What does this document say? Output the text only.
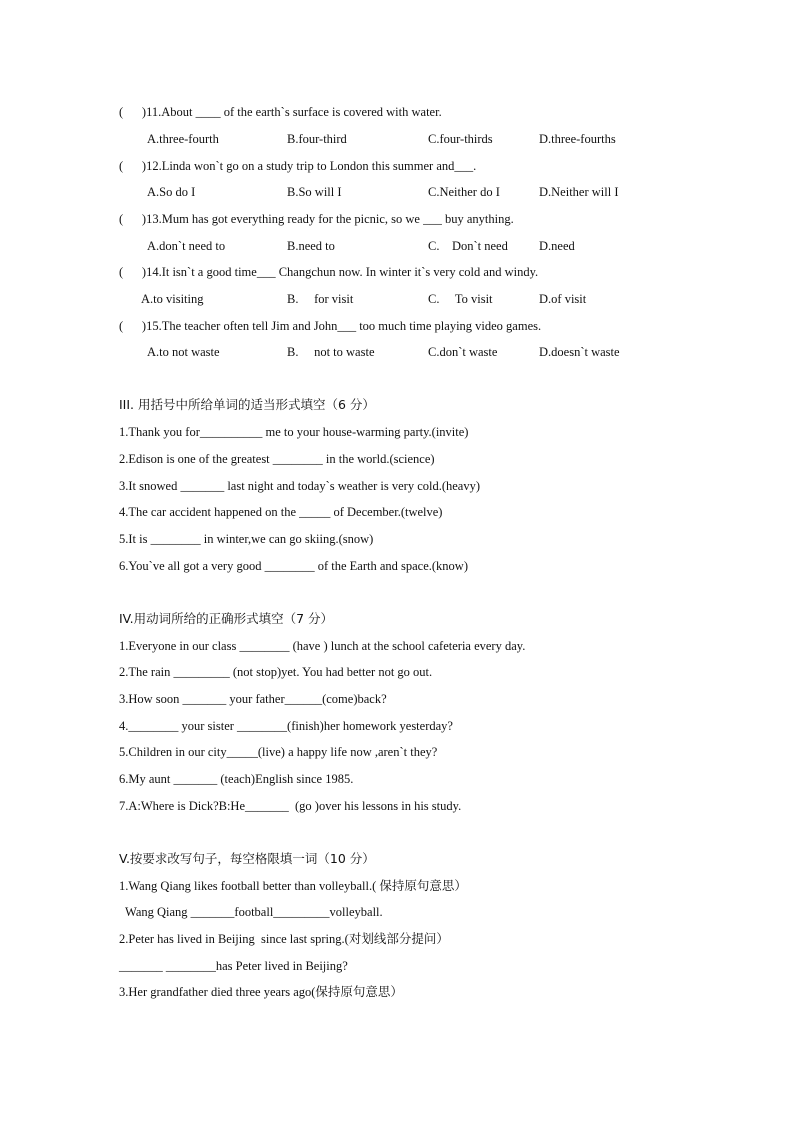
(      )11.About ____ of the earth`s surface is covered with water.
A.three-fourth	B.four-third	C.four-thirds	D.three-fourths
(      )12.Linda won`t go on a study trip to London this summer and___.
A.So do I	B.So will I	C.Neither do I	D.Neither will I
(      )13.Mum has got everything ready for the picnic, so we ___ buy anything.
A.don`t need to	B.need to	C.    Don`t need D.need
(      )14.It isn`t a good time___ Changchun now. In winter it`s very cold and windy.
A.to visiting	B.     for visit	C.     To visit	D.of visit
(      )15.The teacher often tell Jim and John___ too much time playing video games.
A.to not waste	B.     not to waste	C.don`t waste	D.doesn`t waste
III. 用括号中所给单词的适当形式填空（6 分）
1.Thank you for__________ me to your house-warming party.(invite)
2.Edison is one of the greatest ________ in the world.(science)
3.It snowed _______ last night and today`s weather is very cold.(heavy)
4.The car accident happened on the _____ of December.(twelve)
5.It is ________ in winter,we can go skiing.(snow)
6.You`ve all got a very good ________ of the Earth and space.(know)
IV.用动词所给的正确形式填空（7 分）
1.Everyone in our class ________ (have ) lunch at the school cafeteria every day.
2.The rain _________ (not stop)yet. You had better not go out.
3.How soon _______ your father______(come)back?
4.________ your sister ________(finish)her homework yesterday?
5.Children in our city_____(live) a happy life now ,aren`t they?
6.My aunt _______ (teach)English since 1985.
7.A:Where is Dick?B:He_______  (go )over his lessons in his study.
V.按要求改写句子，每空格限填一词（10 分）
1.Wang Qiang likes football better than volleyball.( 保持原句意思）
Wang Qiang _______football_________volleyball.
2.Peter has lived in Beijing  since last spring.(对划线部分提问）
_______ ________has Peter lived in Beijing?
3.Her grandfather died three years ago(保持原句意思）
